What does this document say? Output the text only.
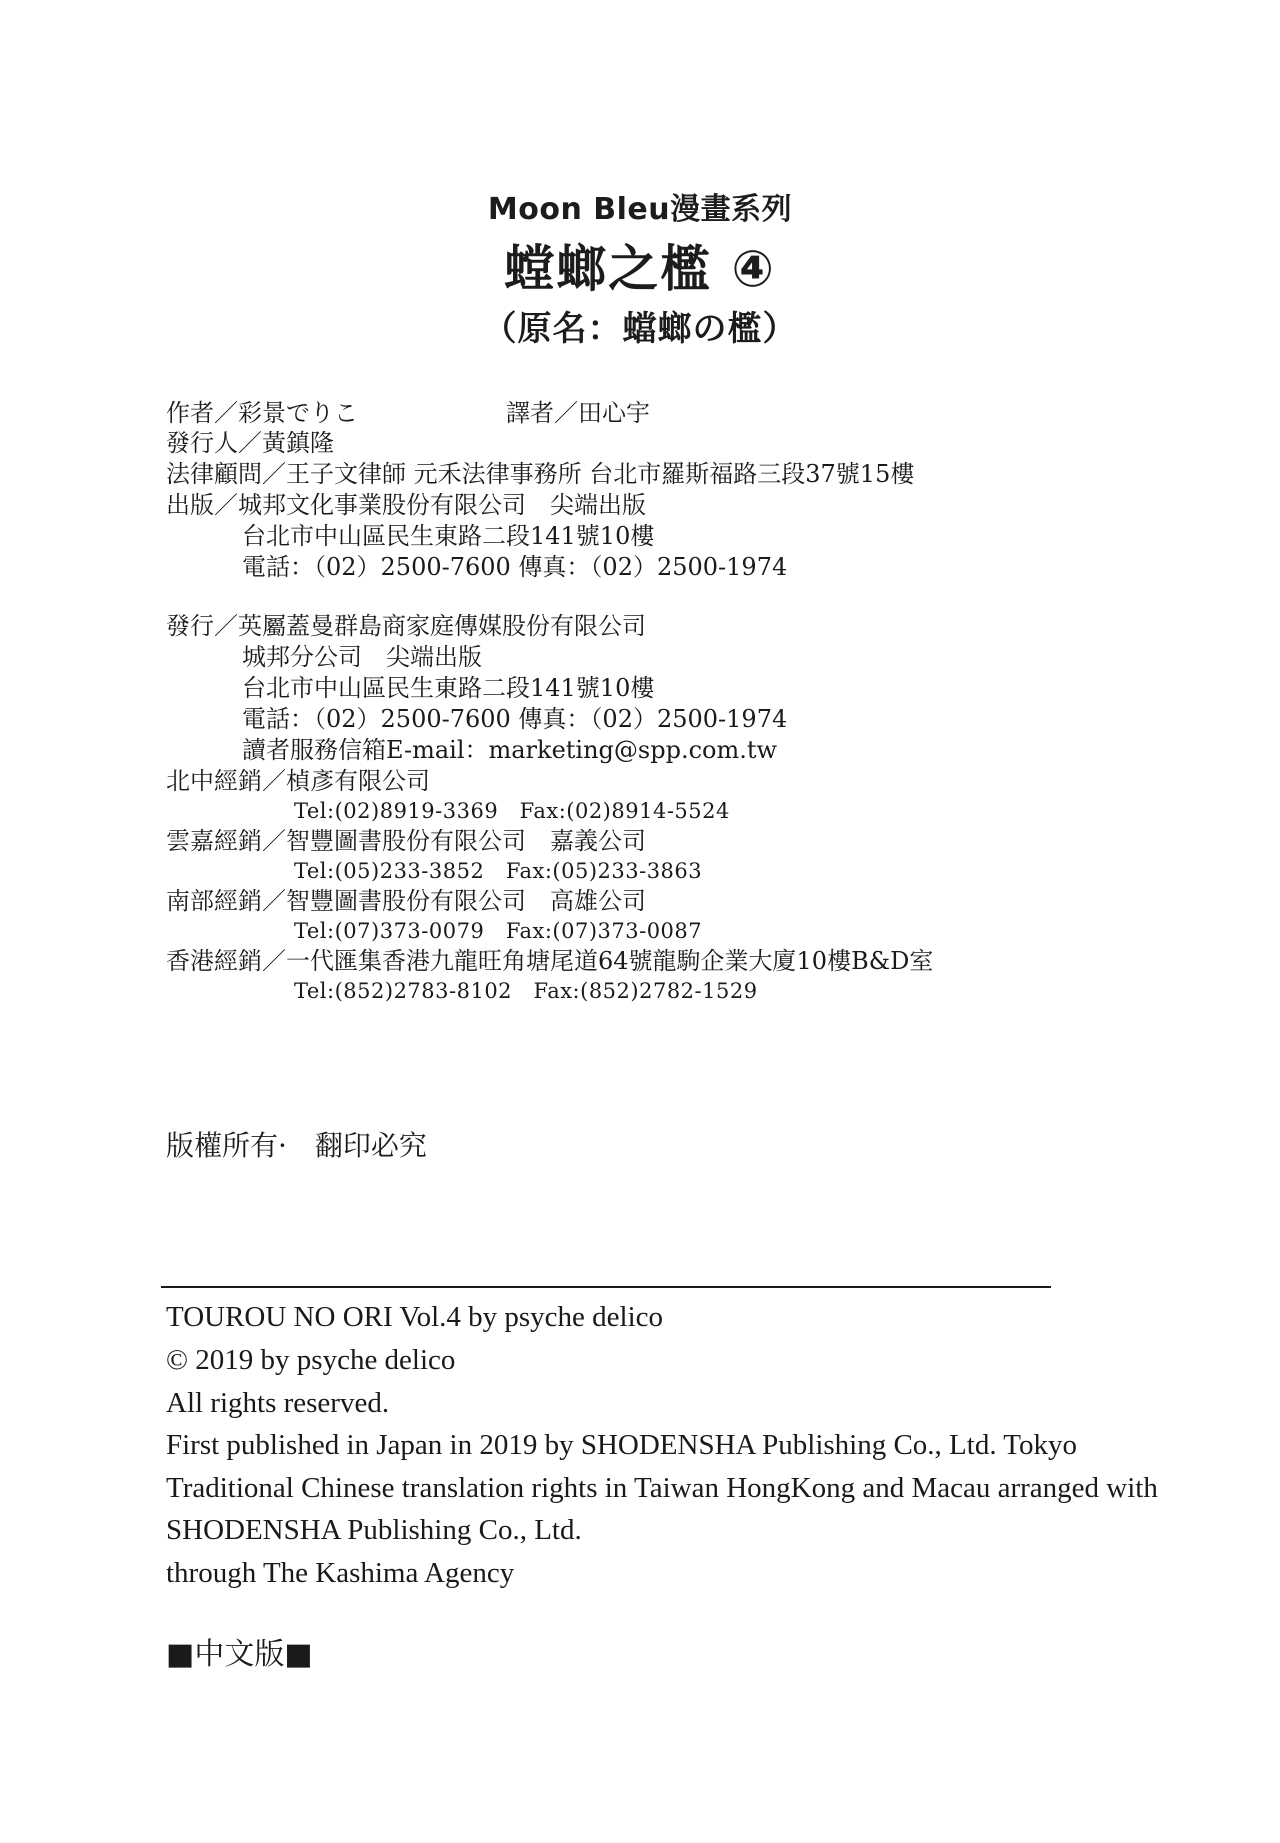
Moon Bleu漫畫系列
螳螂之檻 ④
（原名：蟷螂の檻）
作者／彩景でりこ	譯者／田心宇
發行人／黃鎮隆
法律顧問／王子文律師 元禾法律事務所 台北市羅斯福路三段37號15樓
出版／城邦文化事業股份有限公司　尖端出版
台北市中山區民生東路二段141號10樓
電話：（02）2500-7600 傳真：（02）2500-1974
發行／英屬蓋曼群島商家庭傳媒股份有限公司
城邦分公司　尖端出版
台北市中山區民生東路二段141號10樓
電話：（02）2500-7600 傳真：（02）2500-1974
讀者服務信箱E-mail：marketing@spp.com.tw
北中經銷／楨彥有限公司
Tel:(02)8919-3369　Fax:(02)8914-5524
雲嘉經銷／智豐圖書股份有限公司　嘉義公司
Tel:(05)233-3852　Fax:(05)233-3863
南部經銷／智豐圖書股份有限公司　高雄公司
Tel:(07)373-0079　Fax:(07)373-0087
香港經銷／一代匯集香港九龍旺角塘尾道64號龍駒企業大廈10樓B&D室
Tel:(852)2783-8102　Fax:(852)2782-1529
版權所有·　翻印必究
TOUROU NO ORI Vol.4 by psyche delico
© 2019 by psyche delico
All rights reserved.
First published in Japan in 2019 by SHODENSHA Publishing Co., Ltd. Tokyo
Traditional Chinese translation rights in Taiwan HongKong and Macau arranged with
SHODENSHA Publishing Co., Ltd.
through The Kashima Agency
■中文版■
